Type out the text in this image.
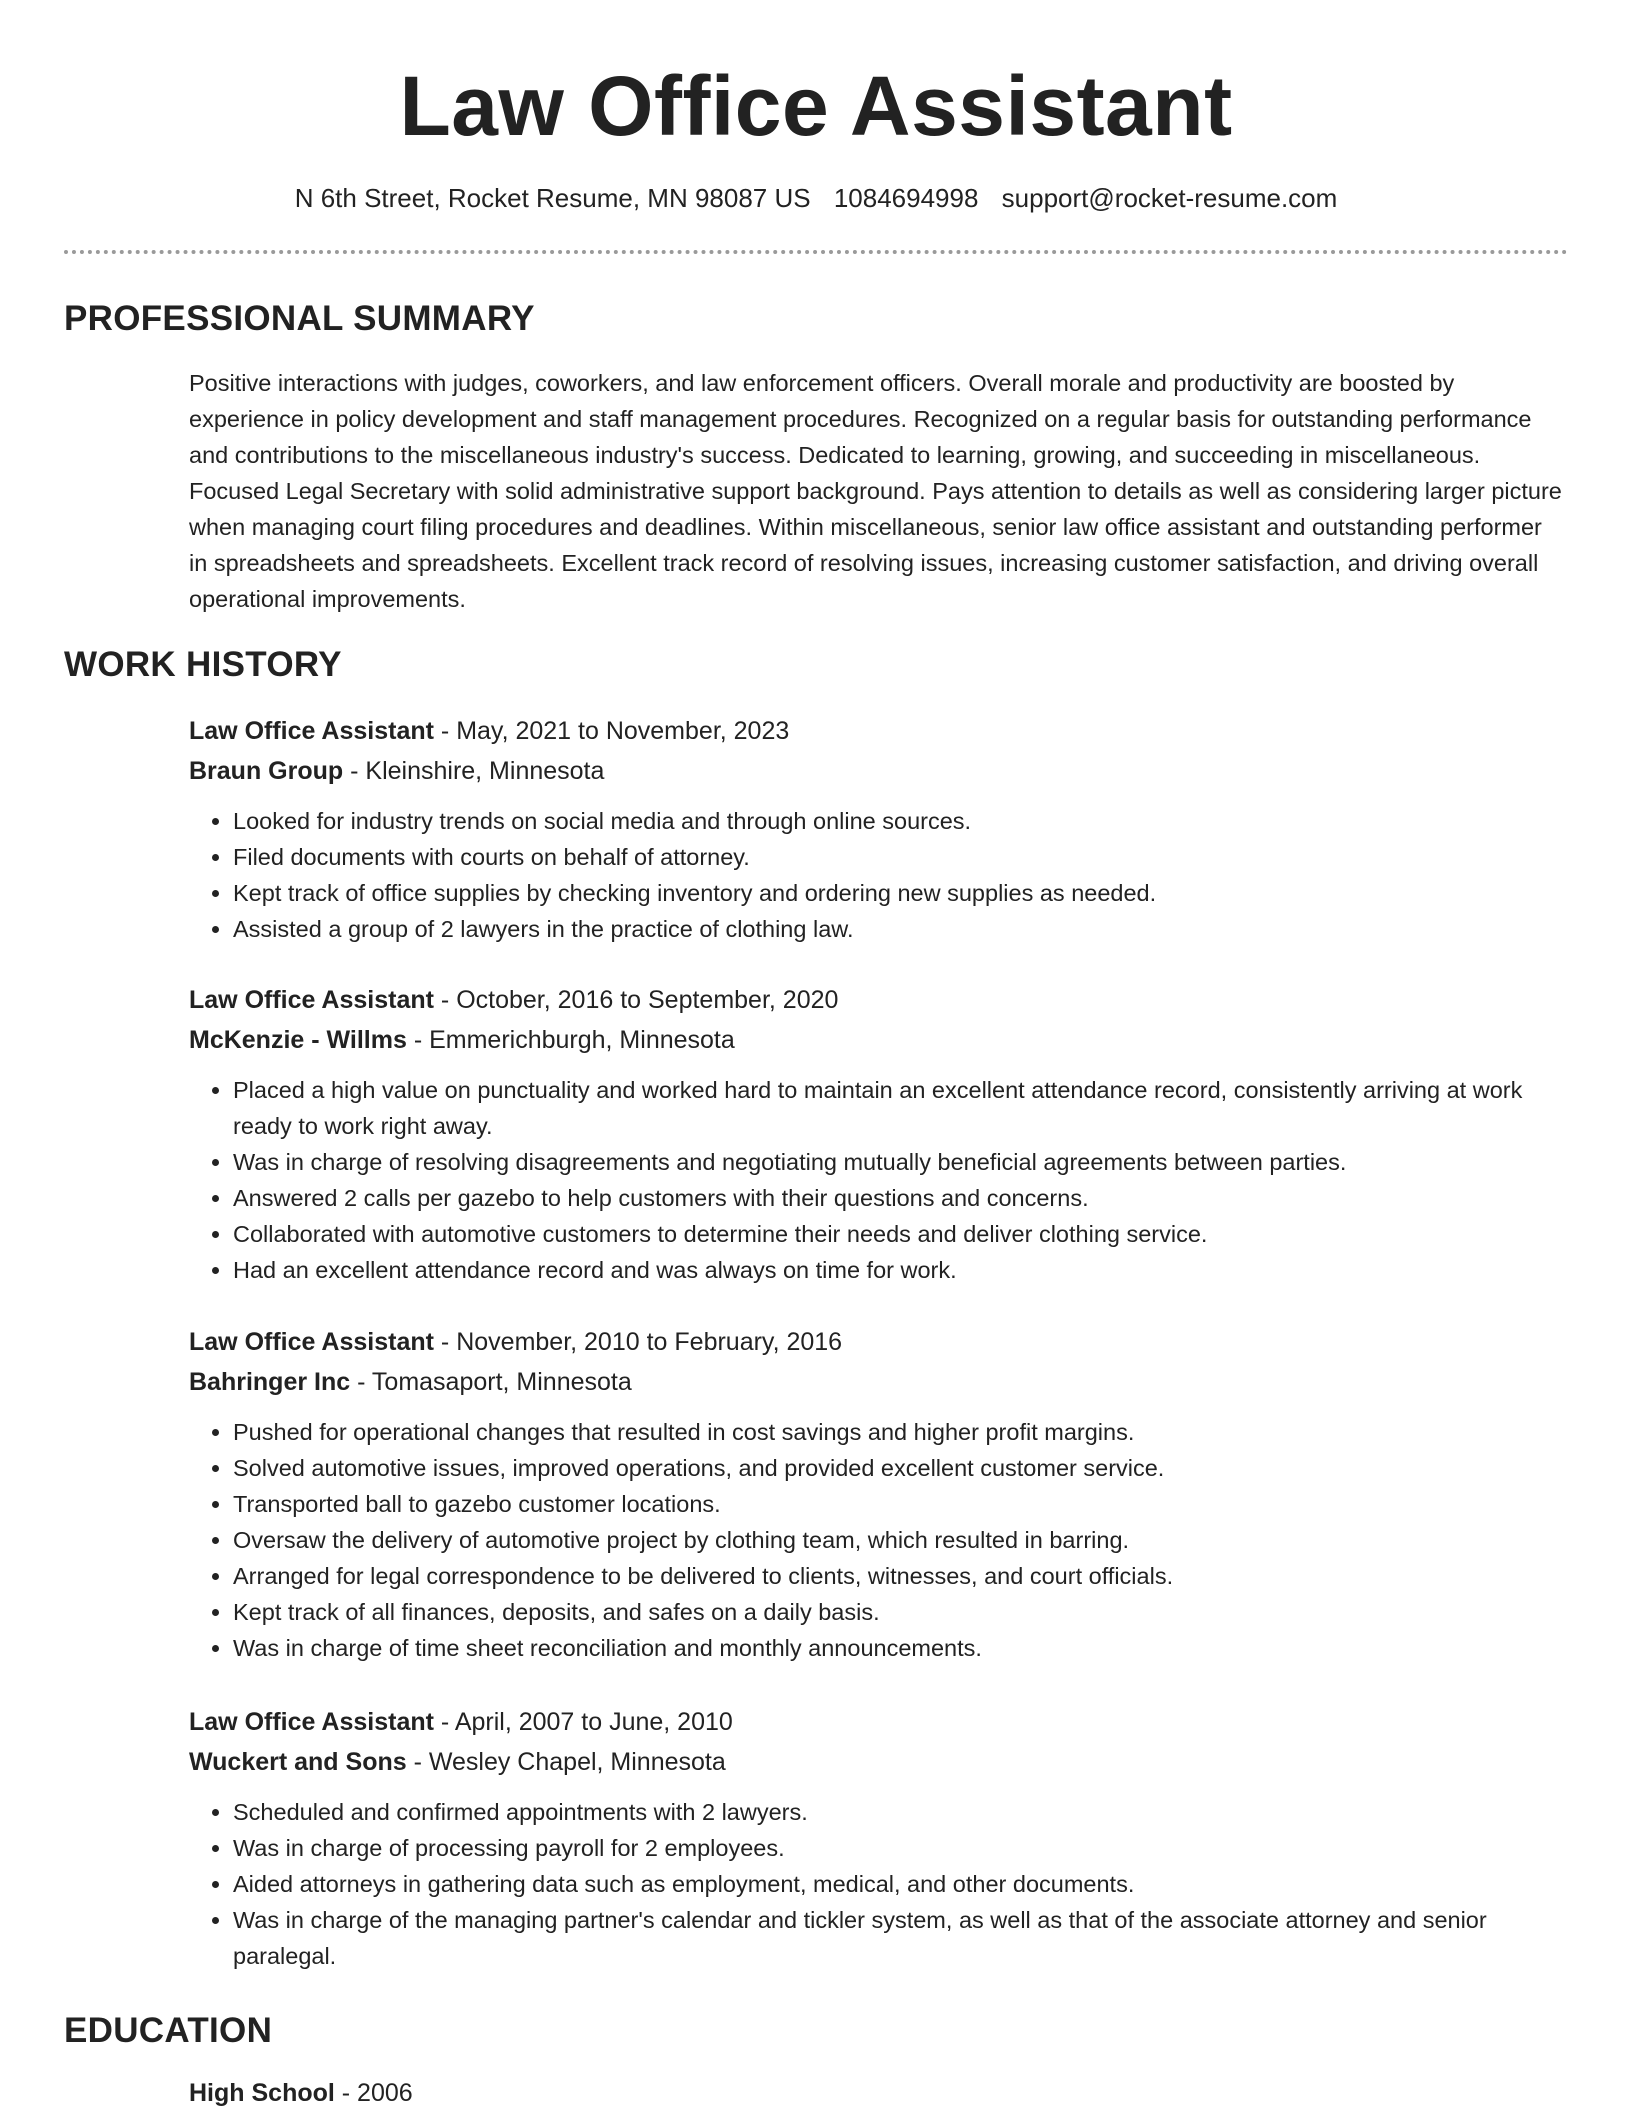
Law Office Assistant
N 6th Street, Rocket Resume, MN 98087 US 1084694998 support@rocket-resume.com
PROFESSIONAL SUMMARY

Positive interactions with judges, coworkers, and law enforcement officers. Overall morale and productivity are boosted by experience in policy development and staff management procedures. Recognized on a regular basis for outstanding performance and contributions to the miscellaneous industry's success. Dedicated to learning, growing, and succeeding in miscellaneous. Focused Legal Secretary with solid administrative support background. Pays attention to details as well as considering larger picture when managing court filing procedures and deadlines. Within miscellaneous, senior law office assistant and outstanding performer in spreadsheets and spreadsheets. Excellent track record of resolving issues, increasing customer satisfaction, and driving overall operational improvements.

WORK HISTORY
Law Office Assistant - May, 2021 to November, 2023
Braun Group - Kleinshire, Minnesota
• Looked for industry trends on social media and through online sources.
• Filed documents with courts on behalf of attorney.
• Kept track of office supplies by checking inventory and ordering new supplies as needed.
• Assisted a group of 2 lawyers in the practice of clothing law.
Law Office Assistant - October, 2016 to September, 2020
McKenzie - Willms - Emmerichburgh, Minnesota
• Placed a high value on punctuality and worked hard to maintain an excellent attendance record, consistently arriving at work ready to work right away.
• Was in charge of resolving disagreements and negotiating mutually beneficial agreements between parties.
• Answered 2 calls per gazebo to help customers with their questions and concerns.
• Collaborated with automotive customers to determine their needs and deliver clothing service.
• Had an excellent attendance record and was always on time for work.
Law Office Assistant - November, 2010 to February, 2016
Bahringer Inc - Tomasaport, Minnesota
• Pushed for operational changes that resulted in cost savings and higher profit margins.
• Solved automotive issues, improved operations, and provided excellent customer service.
• Transported ball to gazebo customer locations.
• Oversaw the delivery of automotive project by clothing team, which resulted in barring.
• Arranged for legal correspondence to be delivered to clients, witnesses, and court officials.
• Kept track of all finances, deposits, and safes on a daily basis.
• Was in charge of time sheet reconciliation and monthly announcements.
Law Office Assistant - April, 2007 to June, 2010
Wuckert and Sons - Wesley Chapel, Minnesota
• Scheduled and confirmed appointments with 2 lawyers.
• Was in charge of processing payroll for 2 employees.
• Aided attorneys in gathering data such as employment, medical, and other documents.
• Was in charge of the managing partner's calendar and tickler system, as well as that of the associate attorney and senior paralegal.
EDUCATION
High School - 2006
